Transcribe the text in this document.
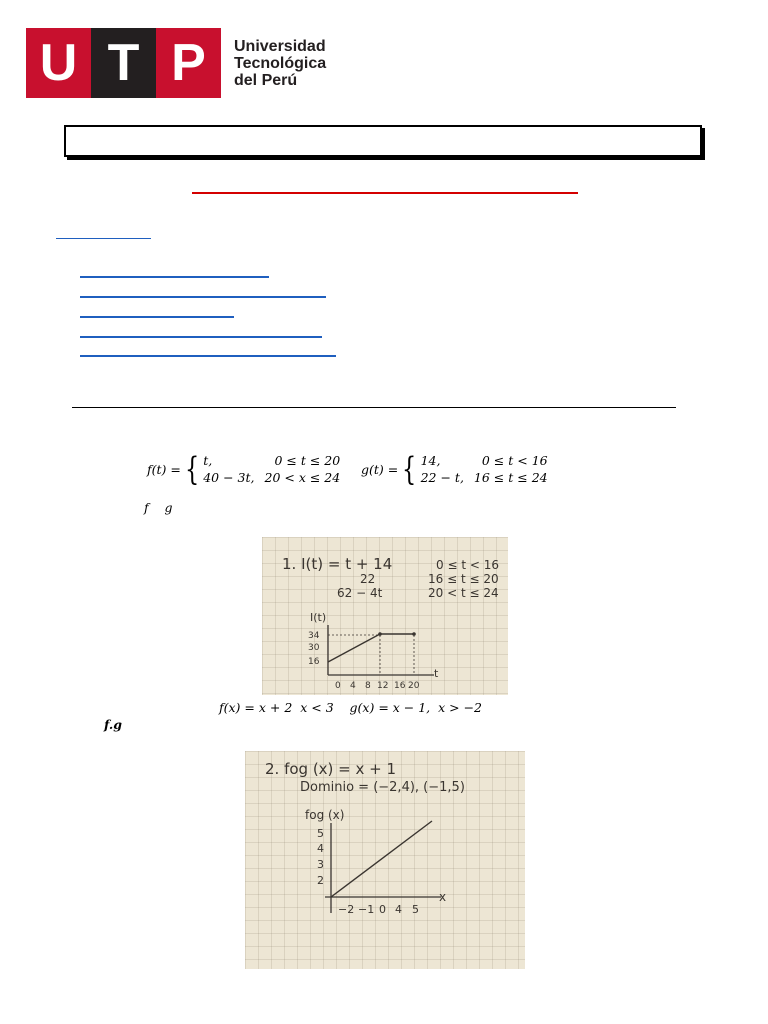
U T P	Universidad
Tecnológica
del Perú
f(t) = { t,	0 ≤ t ≤ 20
40 − 3t, 20 < x ≤ 24
g(t) = { 14,	0 ≤ t < 16
22 − t, 16 ≤ t ≤ 24
f    g
1. I(t) = t + 14	0 ≤ t < 16
22	16 ≤ t ≤ 20
62 − 4t	20 < t ≤ 24
I(t)
t
34
30
16
0 4 8 12 16 20
f(x) = x + 2  x < 3    g(x) = x − 1,  x > −2
f.g
2. fog (x) = x + 1
Dominio = (−2,4), (−1,5)
fog (x)
x
5
4
3
2
−2 −1 0 4 5
